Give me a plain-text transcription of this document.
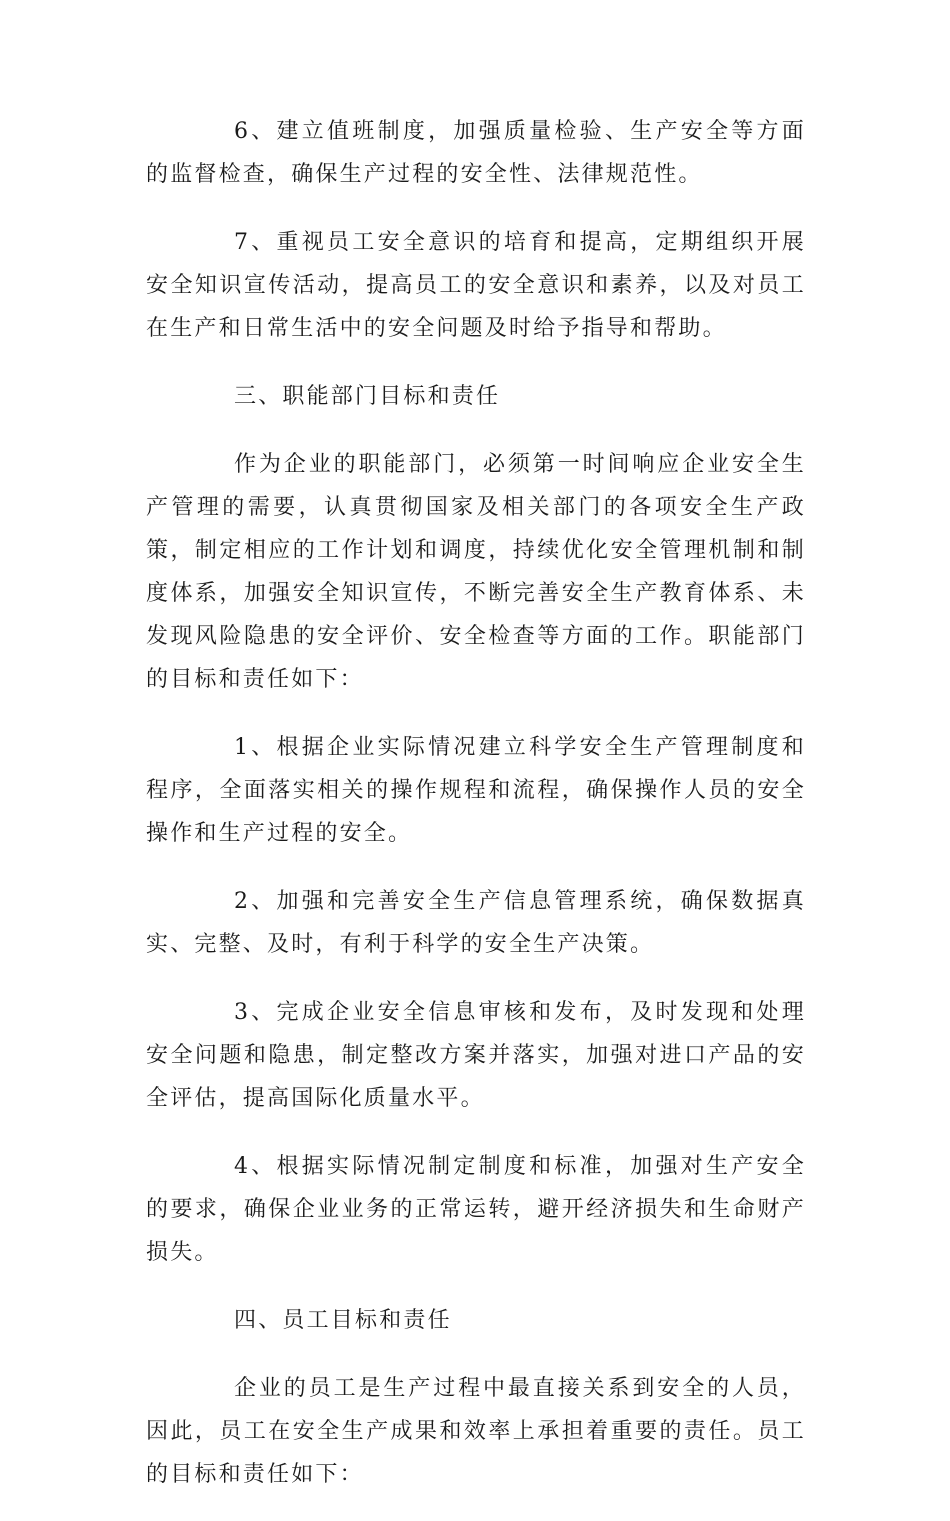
6、建立值班制度，加强质量检验、生产安全等方面的监督检查，确保生产过程的安全性、法律规范性。

7、重视员工安全意识的培育和提高，定期组织开展安全知识宣传活动，提高员工的安全意识和素养，以及对员工在生产和日常生活中的安全问题及时给予指导和帮助。

三、职能部门目标和责任

作为企业的职能部门，必须第一时间响应企业安全生产管理的需要，认真贯彻国家及相关部门的各项安全生产政策，制定相应的工作计划和调度，持续优化安全管理机制和制度体系，加强安全知识宣传，不断完善安全生产教育体系、未发现风险隐患的安全评价、安全检查等方面的工作。职能部门的目标和责任如下：

1、根据企业实际情况建立科学安全生产管理制度和程序，全面落实相关的操作规程和流程，确保操作人员的安全操作和生产过程的安全。

2、加强和完善安全生产信息管理系统，确保数据真实、完整、及时，有利于科学的安全生产决策。

3、完成企业安全信息审核和发布，及时发现和处理安全问题和隐患，制定整改方案并落实，加强对进口产品的安全评估，提高国际化质量水平。

4、根据实际情况制定制度和标准，加强对生产安全的要求，确保企业业务的正常运转，避开经济损失和生命财产损失。

四、员工目标和责任

企业的员工是生产过程中最直接关系到安全的人员，因此，员工在安全生产成果和效率上承担着重要的责任。员工的目标和责任如下：
